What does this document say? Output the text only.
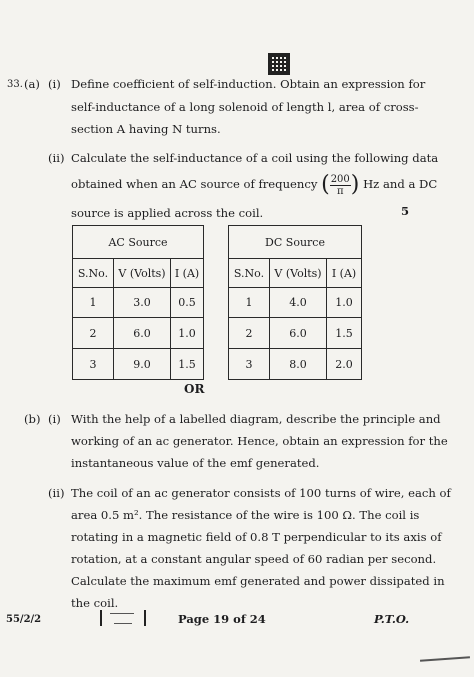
33. (a) (i) Define coefficient of self-induction. Obtain an expression for
self-inductance of a long solenoid of length l, area of cross-
section A having N turns.
(ii) Calculate the self-inductance of a coil using the following data
obtained when an AC source of frequency ( $\frac{200}{\pi}$ ) Hz and a DC
source is applied across the coil.	5
AC Source		
S.No.	V (Volts)	I (A)
1	3.0	0.5
2	6.0	1.0
3	9.0	1.5
DC Source		
S.No.	V (Volts)	I (A)
1	4.0	1.0
2	6.0	1.5
3	8.0	2.0
OR
(b) (i) With the help of a labelled diagram, describe the principle and
working of an ac generator. Hence, obtain an expression for the
instantaneous value of the emf generated.
(ii) The coil of an ac generator consists of 100 turns of wire, each of
area 0.5 m². The resistance of the wire is 100 Ω. The coil is
rotating in a magnetic field of 0.8 T perpendicular to its axis of
rotation, at a constant angular speed of 60 radian per second.
Calculate the maximum emf generated and power dissipated in
the coil.
55/2/2	Page 19 of 24	P.T.O.
